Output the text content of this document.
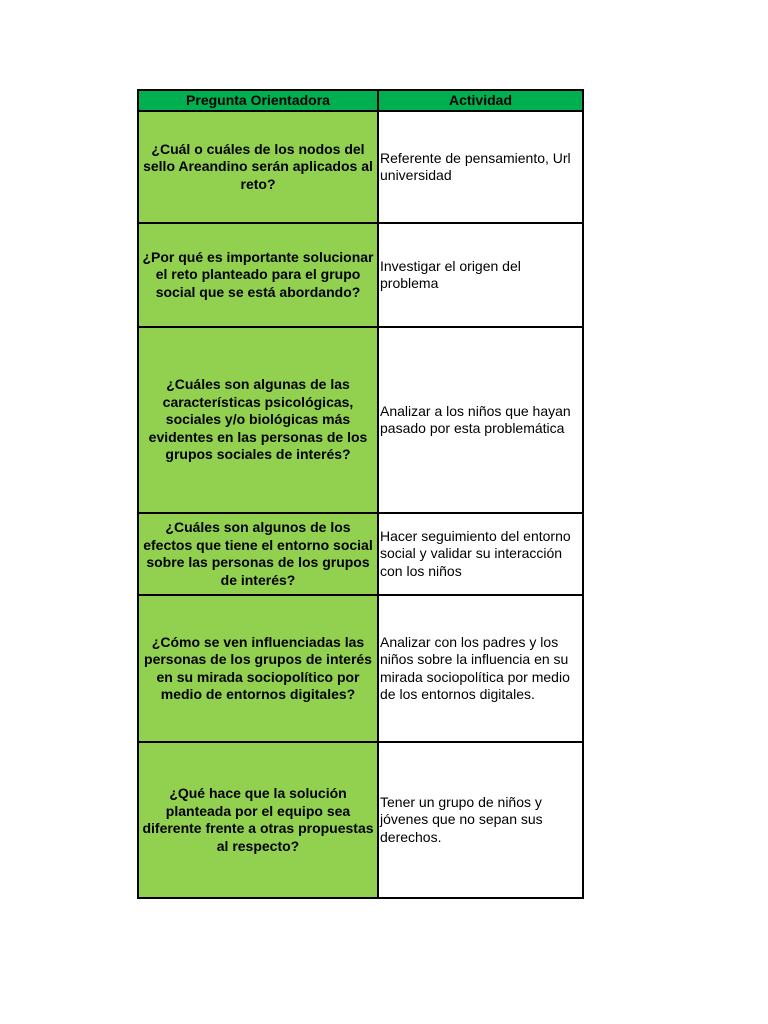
Pregunta Orientadora	Actividad
¿Cuál o cuáles de los nodos del sello Areandino serán aplicados al reto?	Referente de pensamiento, Url universidad
¿Por qué es importante solucionar el reto planteado para el grupo social que se está abordando?	Investigar el origen del problema
¿Cuáles son algunas de las características psicológicas, sociales y/o biológicas más evidentes en las personas de los grupos sociales de interés?	Analizar a los niños que hayan pasado por esta problemática
¿Cuáles son algunos de los efectos que tiene el entorno social sobre las personas de los grupos de interés?	Hacer seguimiento del entorno social y validar su interacción con los niños
¿Cómo se ven influenciadas las personas de los grupos de interés en su mirada sociopolítico por medio de entornos digitales?	Analizar con los padres y los niños sobre la influencia en su mirada sociopolítica por medio de los entornos digitales.
¿Qué hace que la solución planteada por el equipo sea diferente frente a otras propuestas al respecto?	Tener un grupo de niños y jóvenes que no sepan sus derechos.
